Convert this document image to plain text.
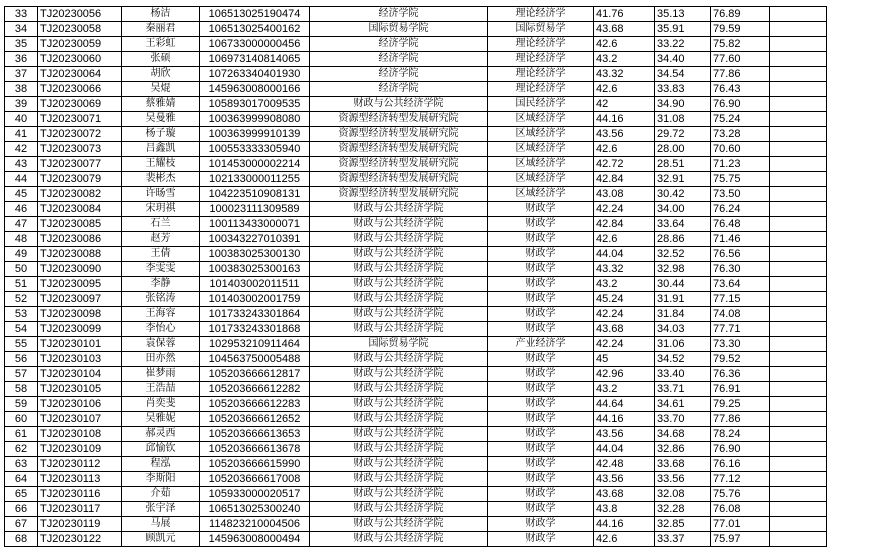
33	TJ20230056	杨洁	106513025190474	经济学院	理论经济学	41.76	35.13	76.89	
34	TJ20230058	秦丽君	106513025400162	国际贸易学院	国际贸易学	43.68	35.91	79.59	
35	TJ20230059	王彩虹	106733000000456	经济学院	理论经济学	42.6	33.22	75.82	
36	TJ20230060	张硕	106973140814065	经济学院	理论经济学	43.2	34.40	77.60	
37	TJ20230064	胡欣	107263340401930	经济学院	理论经济学	43.32	34.54	77.86	
38	TJ20230066	吴焜	145963008000166	经济学院	理论经济学	42.6	33.83	76.43	
39	TJ20230069	蔡雅婧	105893017009535	财政与公共经济学院	国民经济学	42	34.90	76.90	
40	TJ20230071	吴曼雅	100363999908080	资源型经济转型发展研究院	区域经济学	44.16	31.08	75.24	
41	TJ20230072	杨子璇	100363999910139	资源型经济转型发展研究院	区域经济学	43.56	29.72	73.28	
42	TJ20230073	吕鑫凯	100553333305940	资源型经济转型发展研究院	区域经济学	42.6	28.00	70.60	
43	TJ20230077	王耀枝	101453000002214	资源型经济转型发展研究院	区域经济学	42.72	28.51	71.23	
44	TJ20230079	裴彬杰	102133000011255	资源型经济转型发展研究院	区域经济学	42.84	32.91	75.75	
45	TJ20230082	许旸雪	104223510908131	资源型经济转型发展研究院	区域经济学	43.08	30.42	73.50	
46	TJ20230084	宋玥祺	100023111309589	财政与公共经济学院	财政学	42.24	34.00	76.24	
47	TJ20230085	石兰	100113433000071	财政与公共经济学院	财政学	42.84	33.64	76.48	
48	TJ20230086	赵芳	100343227010391	财政与公共经济学院	财政学	42.6	28.86	71.46	
49	TJ20230088	王倩	100383025300130	财政与公共经济学院	财政学	44.04	32.52	76.56	
50	TJ20230090	李雯雯	100383025300163	财政与公共经济学院	财政学	43.32	32.98	76.30	
51	TJ20230095	李静	101403002011511	财政与公共经济学院	财政学	43.2	30.44	73.64	
52	TJ20230097	张铭涛	101403002001759	财政与公共经济学院	财政学	45.24	31.91	77.15	
53	TJ20230098	王海容	101733243301864	财政与公共经济学院	财政学	42.24	31.84	74.08	
54	TJ20230099	李怡心	101733243301868	财政与公共经济学院	财政学	43.68	34.03	77.71	
55	TJ20230101	袁保蓉	102953210911464	国际贸易学院	产业经济学	42.24	31.06	73.30	
56	TJ20230103	田亦然	104563750005488	财政与公共经济学院	财政学	45	34.52	79.52	
57	TJ20230104	崔梦雨	105203666612817	财政与公共经济学院	财政学	42.96	33.40	76.36	
58	TJ20230105	王浩喆	105203666612282	财政与公共经济学院	财政学	43.2	33.71	76.91	
59	TJ20230106	肖奕斐	105203666612283	财政与公共经济学院	财政学	44.64	34.61	79.25	
60	TJ20230107	吴雅妮	105203666612652	财政与公共经济学院	财政学	44.16	33.70	77.86	
61	TJ20230108	郝灵西	105203666613653	财政与公共经济学院	财政学	43.56	34.68	78.24	
62	TJ20230109	邱愉钦	105203666613678	财政与公共经济学院	财政学	44.04	32.86	76.90	
63	TJ20230112	程泓	105203666615990	财政与公共经济学院	财政学	42.48	33.68	76.16	
64	TJ20230113	李斯阳	105203666617008	财政与公共经济学院	财政学	43.56	33.56	77.12	
65	TJ20230116	介茹	105933000020517	财政与公共经济学院	财政学	43.68	32.08	75.76	
66	TJ20230117	张宇泽	106513025300240	财政与公共经济学院	财政学	43.8	32.28	76.08	
67	TJ20230119	马展	114823210004506	财政与公共经济学院	财政学	44.16	32.85	77.01	
68	TJ20230122	顾凯元	145963008000494	财政与公共经济学院	财政学	42.6	33.37	75.97	
